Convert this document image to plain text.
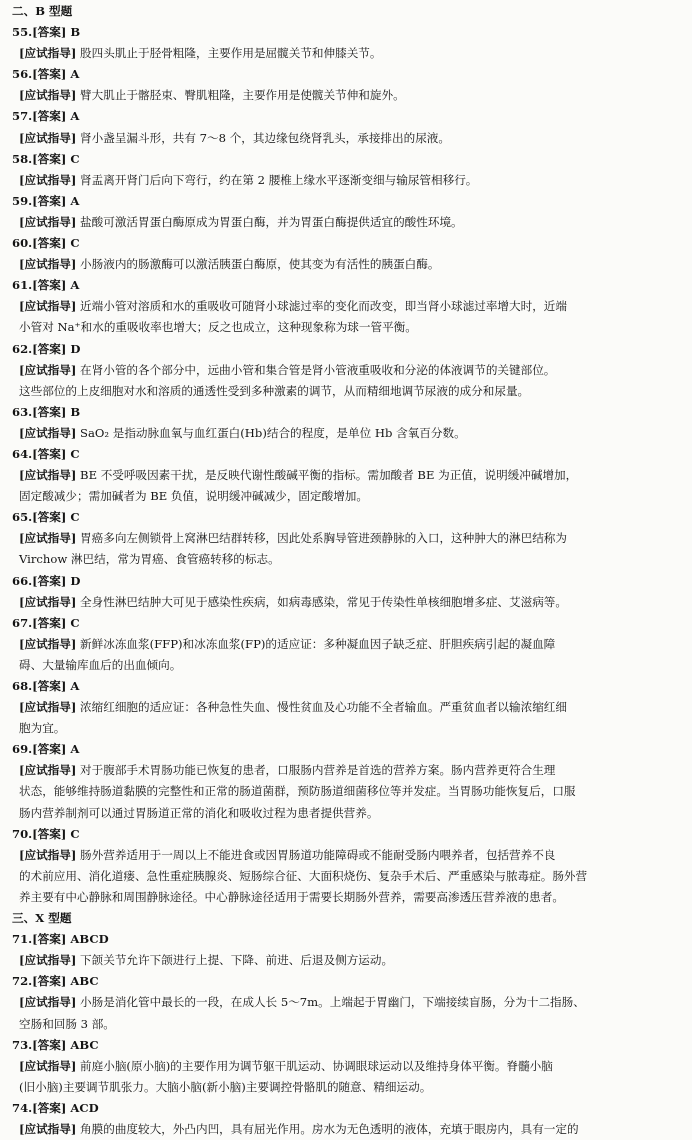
二、B 型题
55.[答案] B
[应试指导] 股四头肌止于胫骨粗隆，主要作用是屈髋关节和伸膝关节。
56.[答案] A
[应试指导] 臂大肌止于髂胫束、臀肌粗隆，主要作用是使髋关节伸和旋外。
57.[答案] A
[应试指导] 肾小盏呈漏斗形，共有 7～8 个，其边缘包绕肾乳头，承接排出的尿液。
58.[答案] C
[应试指导] 肾盂离开肾门后向下弯行，约在第 2 腰椎上缘水平逐渐变细与输尿管相移行。
59.[答案] A
[应试指导] 盐酸可激活胃蛋白酶原成为胃蛋白酶，并为胃蛋白酶提供适宜的酸性环境。
60.[答案] C
[应试指导] 小肠液内的肠激酶可以激活胰蛋白酶原，使其变为有活性的胰蛋白酶。
61.[答案] A
[应试指导] 近端小管对溶质和水的重吸收可随肾小球滤过率的变化而改变，即当肾小球滤过率增大时，近端
小管对 Na⁺和水的重吸收率也增大；反之也成立，这种现象称为球一管平衡。
62.[答案] D
[应试指导] 在肾小管的各个部分中，远曲小管和集合管是肾小管液重吸收和分泌的体液调节的关键部位。
这些部位的上皮细胞对水和溶质的通透性受到多种激素的调节，从而精细地调节尿液的成分和尿量。
63.[答案] B
[应试指导] SaO₂ 是指动脉血氧与血红蛋白(Hb)结合的程度，是单位 Hb 含氧百分数。
64.[答案] C
[应试指导] BE 不受呼吸因素干扰，是反映代谢性酸碱平衡的指标。需加酸者 BE 为正值，说明缓冲碱增加，
固定酸减少；需加碱者为 BE 负值，说明缓冲碱减少，固定酸增加。
65.[答案] C
[应试指导] 胃癌多向左侧锁骨上窝淋巴结群转移，因此处系胸导管进颈静脉的入口，这种肿大的淋巴结称为
Virchow 淋巴结，常为胃癌、食管癌转移的标志。
66.[答案] D
[应试指导] 全身性淋巴结肿大可见于感染性疾病，如病毒感染，常见于传染性单核细胞增多症、艾滋病等。
67.[答案] C
[应试指导] 新鲜冰冻血浆(FFP)和冰冻血浆(FP)的适应证：多种凝血因子缺乏症、肝胆疾病引起的凝血障
碍、大量输库血后的出血倾向。
68.[答案] A
[应试指导] 浓缩红细胞的适应证：各种急性失血、慢性贫血及心功能不全者输血。严重贫血者以输浓缩红细
胞为宜。
69.[答案] A
[应试指导] 对于腹部手术胃肠功能已恢复的患者，口服肠内营养是首选的营养方案。肠内营养更符合生理
状态，能够维持肠道黏膜的完整性和正常的肠道菌群，预防肠道细菌移位等并发症。当胃肠功能恢复后，口服
肠内营养制剂可以通过胃肠道正常的消化和吸收过程为患者提供营养。
70.[答案] C
[应试指导] 肠外营养适用于一周以上不能进食或因胃肠道功能障碍或不能耐受肠内喂养者，包括营养不良
的术前应用、消化道瘘、急性重症胰腺炎、短肠综合征、大面积烧伤、复杂手术后、严重感染与脓毒症。肠外营
养主要有中心静脉和周围静脉途径。中心静脉途径适用于需要长期肠外营养，需要高渗透压营养液的患者。
三、X 型题
71.[答案] ABCD
[应试指导] 下颌关节允许下颌进行上提、下降、前进、后退及侧方运动。
72.[答案] ABC
[应试指导] 小肠是消化管中最长的一段，在成人长 5～7m。上端起于胃幽门，下端接续盲肠，分为十二指肠、
空肠和回肠 3 部。
73.[答案] ABC
[应试指导] 前庭小脑(原小脑)的主要作用为调节躯干肌运动、协调眼球运动以及维持身体平衡。脊髓小脑
(旧小脑)主要调节肌张力。大脑小脑(新小脑)主要调控骨骼肌的随意、精细运动。
74.[答案] ACD
[应试指导] 角膜的曲度较大，外凸内凹，具有屈光作用。房水为无色透明的液体，充填于眼房内，具有一定的
